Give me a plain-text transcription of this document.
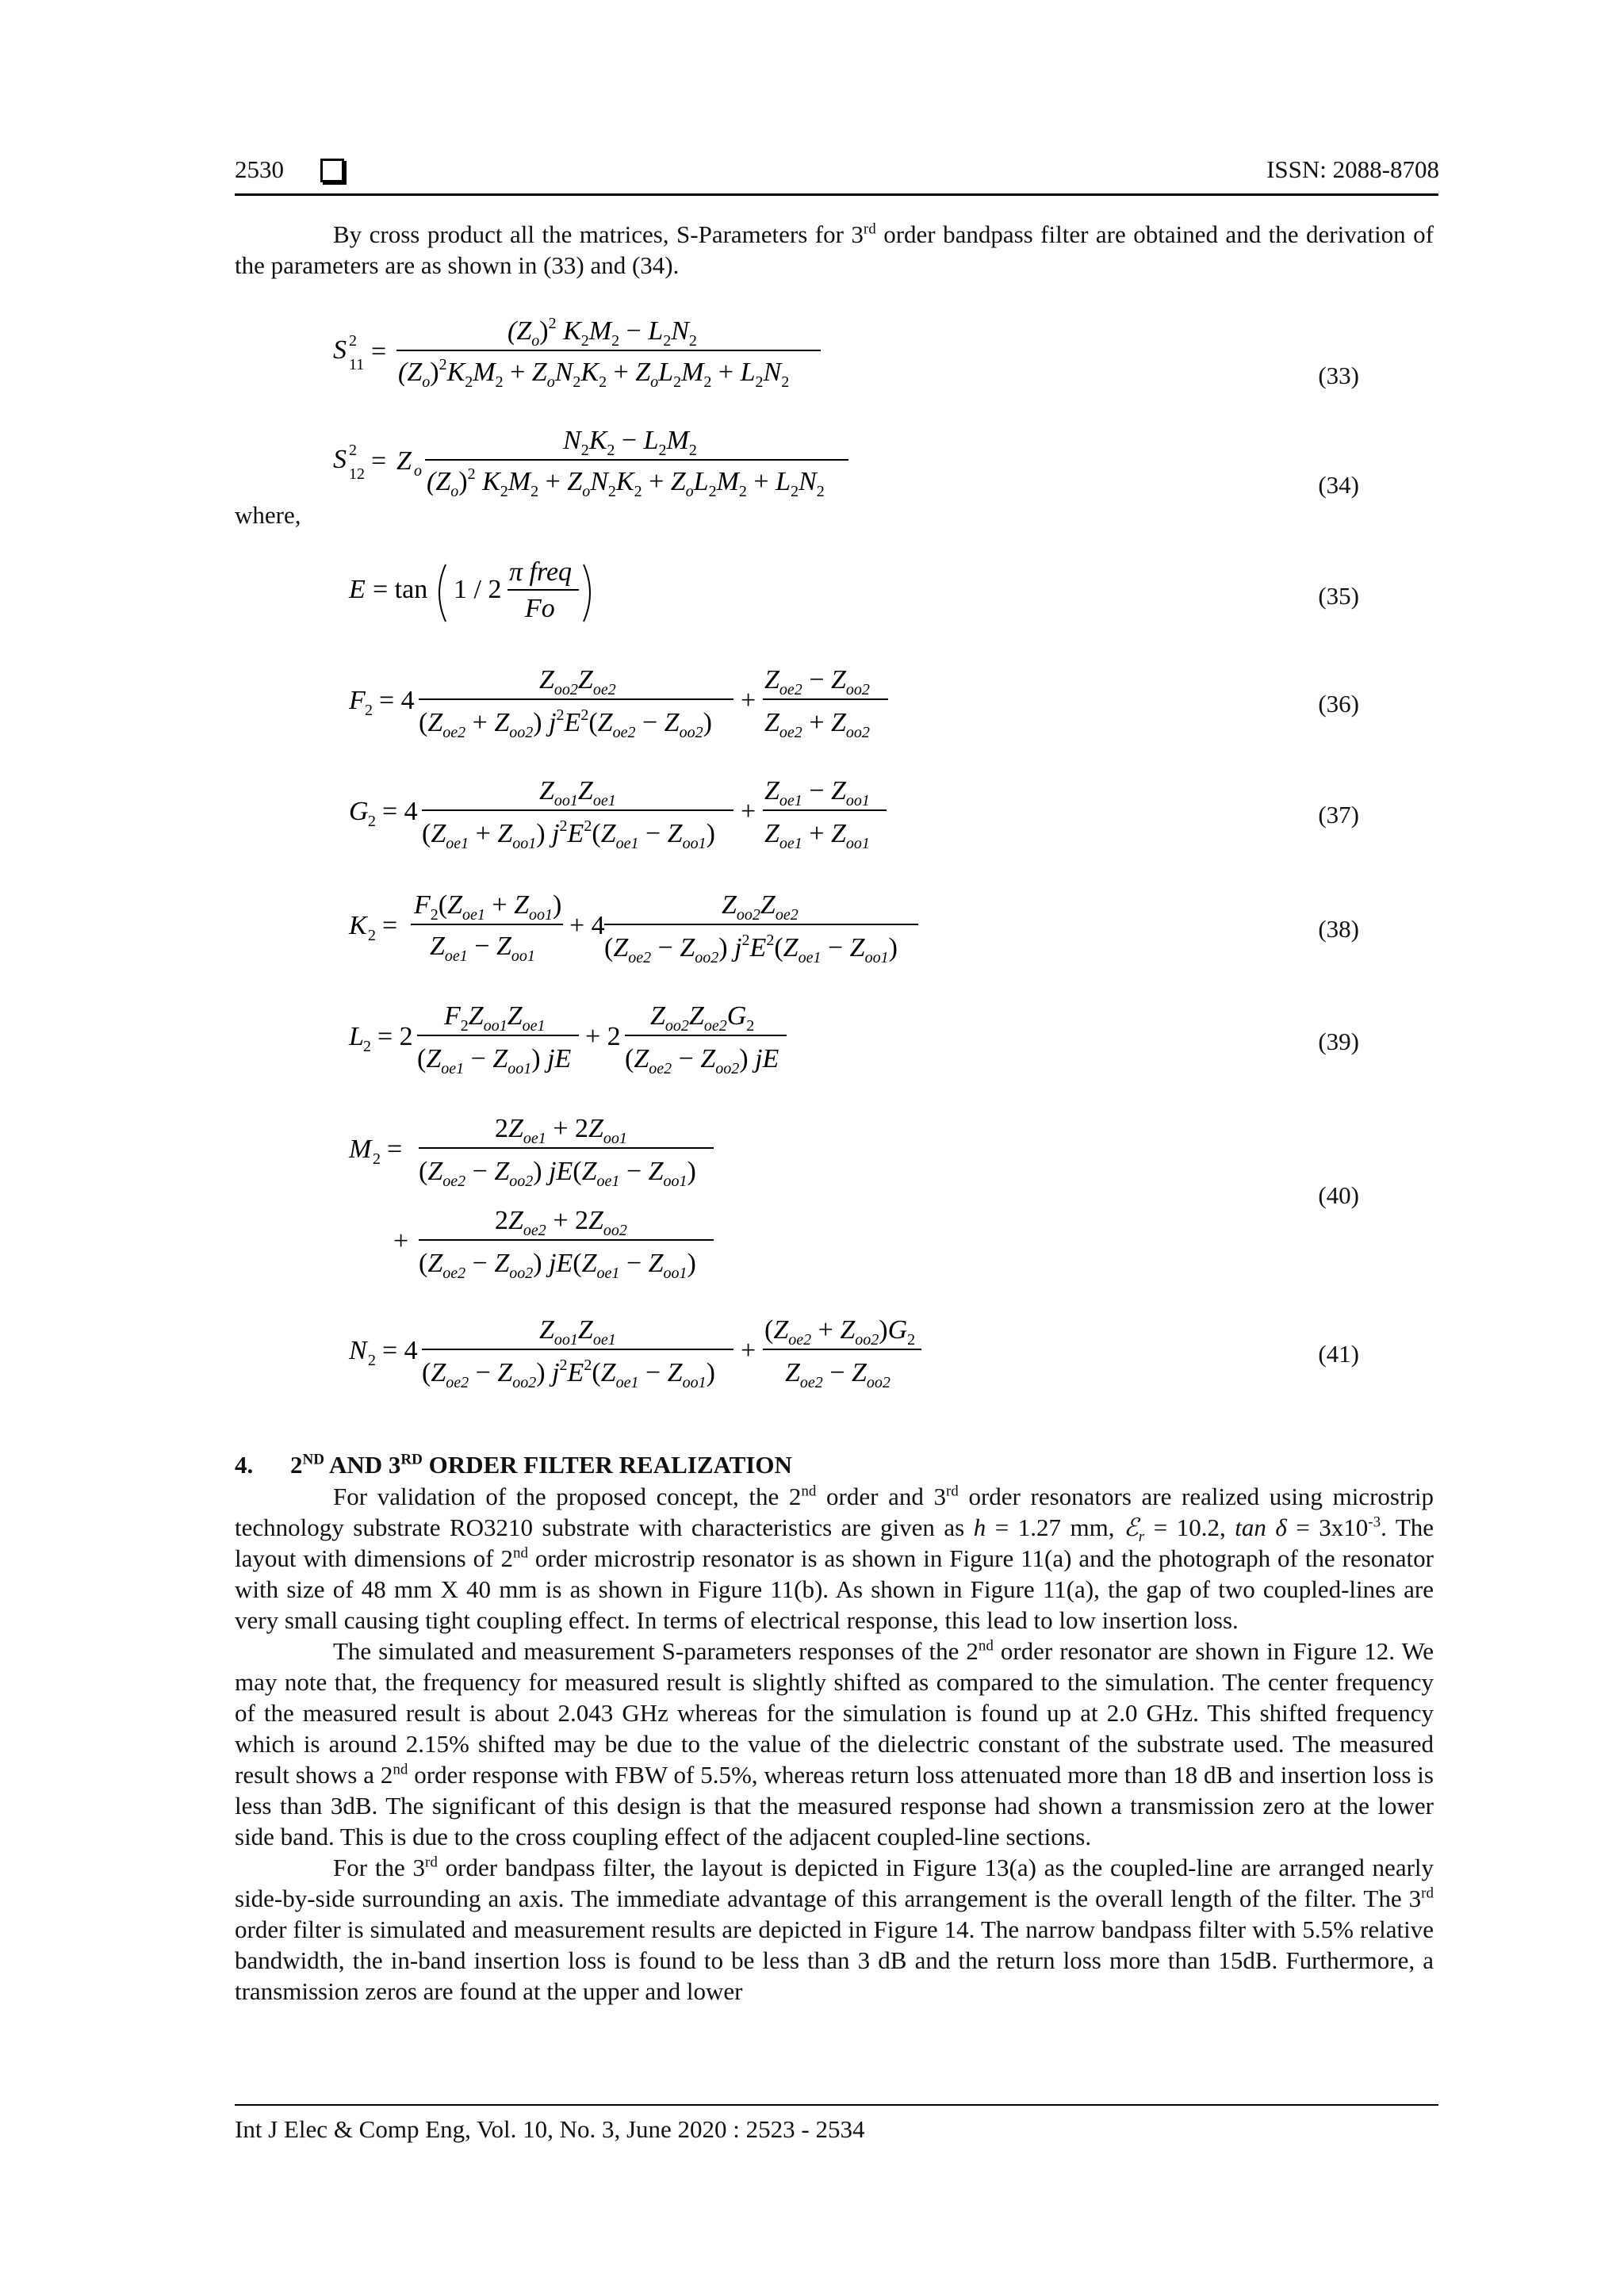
2530	ISSN: 2088-8708

By cross product all the matrices, S-Parameters for 3rd order bandpass filter are obtained and the derivation of the parameters are as shown in (33) and (34).

S 2
11 =
$(Z_o)^2$ $K_2M_2 - L_2N_2$
$(Z_o)^2K_2M_2 + Z_oN_2K_2 + Z_oL_2M_2 + L_2N_2$	(33)
S 2
12 = Z o
$N_2K_2 - L_2M_2$
$(Z_o)^2$ $K_2M_2 + Z_oN_2K_2 + Z_oL_2M_2 + L_2N_2$	(34)
where,
E = tan 1 / 2
π freq
Fo	(35)
F 2 = 4
$Z_{oo2}Z_{oe2}$
$(Z_{oe2} + Z_{oo2}) j^2E^2(Z_{oe2} - Z_{oo2})$
+
$Z_{oe2} - Z_{oo2}$
$Z_{oe2} + Z_{oo2}$
(36)
G 2 = 4
$Z_{oo1}Z_{oe1}$
$(Z_{oe1} + Z_{oo1}) j^2E^2(Z_{oe1} - Z_{oo1})$
+
$Z_{oe1} - Z_{oo1}$
$Z_{oe1} + Z_{oo1}$
(37)
K 2 =
$F_2(Z_{oe1} + Z_{oo1})$
$Z_{oe1} - Z_{oo1}$
+ 4
$Z_{oo2}Z_{oe2}$
$(Z_{oe2} - Z_{oo2}) j^2E^2(Z_{oe1} - Z_{oo1})$
(38)
L 2 = 2
$F_2Z_{oo1}Z_{oe1}$
$(Z_{oe1} - Z_{oo1})$ jE
+ 2
$Z_{oo2}Z_{oe2}G_2$
$(Z_{oe2} - Z_{oo2})$ jE
(39)
M 2 =
$2Z_{oe1} + 2Z_{oo1}$
$(Z_{oe2} - Z_{oo2}) jE(Z_{oe1} - Z_{oo1})$
+
$2Z_{oe2} + 2Z_{oo2}$
$(Z_{oe2} - Z_{oo2}) jE(Z_{oe1} - Z_{oo1})$
(40)
N 2 = 4
$Z_{oo1}Z_{oe1}$
$(Z_{oe2} - Z_{oo2}) j^2E^2(Z_{oe1} - Z_{oo1})$
+
$(Z_{oe2} + Z_{oo2})G_2$
$Z_{oe2} - Z_{oo2}$
(41)
4. 2ND AND 3RD ORDER FILTER REALIZATION

For validation of the proposed concept, the 2nd order and 3rd order resonators are realized using microstrip technology substrate RO3210 substrate with characteristics are given as h = 1.27 mm, ℰ$_r$ = 10.2, $\tan \delta = 3x10^{-3}$. The layout with dimensions of 2nd order microstrip resonator is as shown in Figure 11(a) and the photograph of the resonator with size of 48 mm X 40 mm is as shown in Figure 11(b). As shown in Figure 11(a), the gap of two coupled-lines are very small causing tight coupling effect. In terms of electrical response, this lead to low insertion loss.

The simulated and measurement S-parameters responses of the 2nd order resonator are shown in Figure 12. We may note that, the frequency for measured result is slightly shifted as compared to the simulation. The center frequency of the measured result is about 2.043 GHz whereas for the simulation is found up at 2.0 GHz. This shifted frequency which is around 2.15% shifted may be due to the value of the dielectric constant of the substrate used. The measured result shows a 2nd order response with FBW of 5.5%, whereas return loss attenuated more than 18 dB and insertion loss is less than 3dB. The significant of this design is that the measured response had shown a transmission zero at the lower side band. This is due to the cross coupling effect of the adjacent coupled-line sections.

For the 3rd order bandpass filter, the layout is depicted in Figure 13(a) as the coupled-line are arranged nearly side-by-side surrounding an axis. The immediate advantage of this arrangement is the overall length of the filter. The 3rd order filter is simulated and measurement results are depicted in Figure 14. The narrow bandpass filter with 5.5% relative bandwidth, the in-band insertion loss is found to be less than 3 dB and the return loss more than 15dB. Furthermore, a transmission zeros are found at the upper and lower

Int J Elec & Comp Eng, Vol. 10, No. 3, June 2020 : 2523 - 2534
